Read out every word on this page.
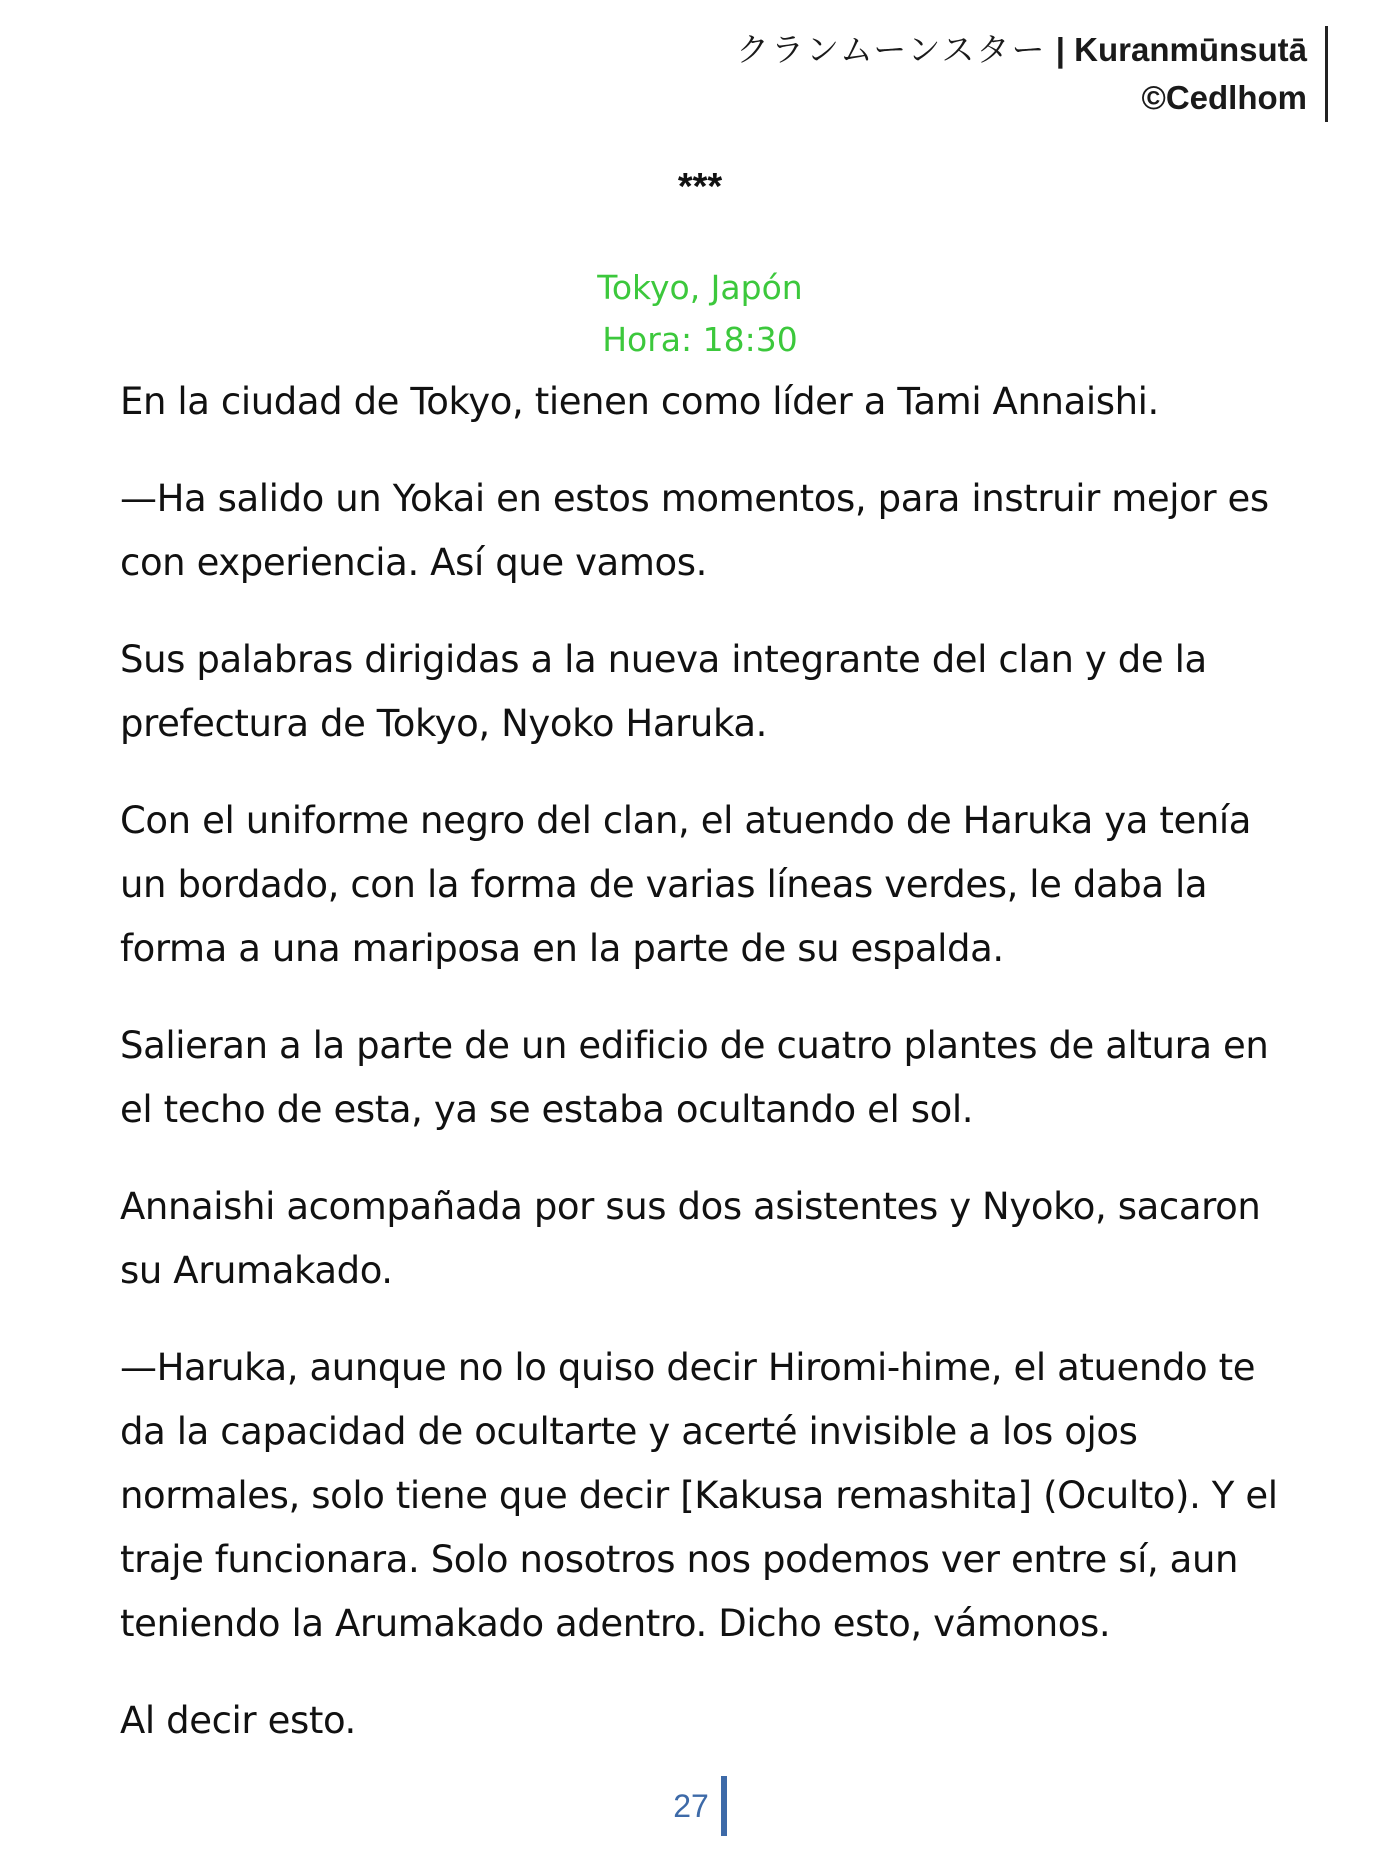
クランムーンスター | Kuranmūnsutā
©Cedlhom
***
Tokyo, Japón
Hora: 18:30

En la ciudad de Tokyo, tienen como líder a Tami Annaishi.

—Ha salido un Yokai en estos momentos, para instruir mejor es con experiencia. Así que vamos.

Sus palabras dirigidas a la nueva integrante del clan y de la prefectura de Tokyo, Nyoko Haruka.

Con el uniforme negro del clan, el atuendo de Haruka ya tenía un bordado, con la forma de varias líneas verdes, le daba la forma a una mariposa en la parte de su espalda.

Salieran a la parte de un edificio de cuatro plantes de altura en el techo de esta, ya se estaba ocultando el sol.

Annaishi acompañada por sus dos asistentes y Nyoko, sacaron su Arumakado.

—Haruka, aunque no lo quiso decir Hiromi-hime, el atuendo te da la capacidad de ocultarte y acerté invisible a los ojos normales, solo tiene que decir [Kakusa remashita] (Oculto). Y el traje funcionara. Solo nosotros nos podemos ver entre sí, aun teniendo la Arumakado adentro. Dicho esto, vámonos.

Al decir esto.

27
